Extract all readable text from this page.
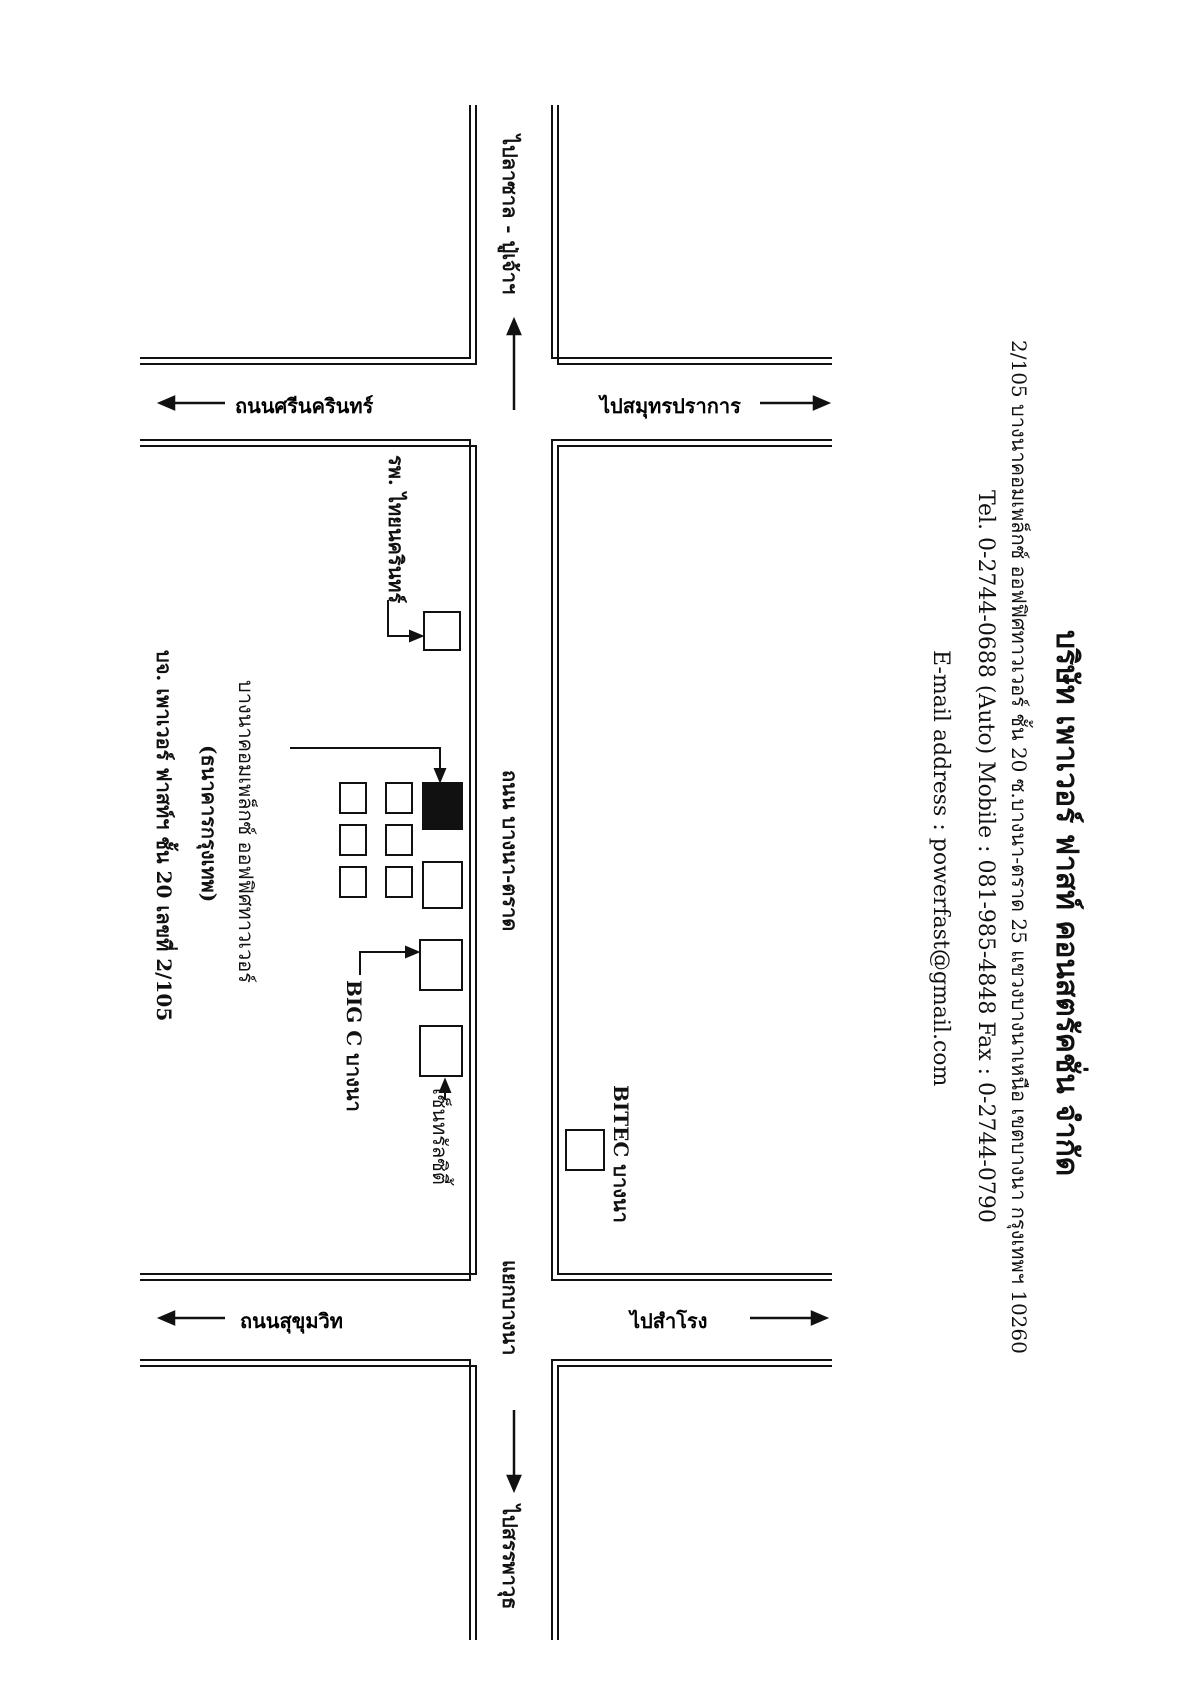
บริษัท เพาเวอร์ ฟาสท์ คอนสตรัคชั่น จำกัด
2/105 บางนาคอมเพล็กซ์ ออฟฟิศทาวเวอร์ ชั้น 20 ซ.บางนา-ตราด 25 แขวงบางนาเหนือ เขตบางนา กรุงเทพฯ 10260
Tel. 0-2744-0688 (Auto) Mobile : 081-985-4848 Fax : 0-2744-0790
E-mail address : powerfast@gmail.com
ถนนศรีนครินทร์	ไปสมุทรปราการ
ถนนสุขุมวิท	ไปสำโรง
ไปลาซาล - ปู่เจ้าฯ
ถนน บางนา-ตราด
แยกบางนา
ไปสรรพาวุธ
รพ. ไทยนครินทร์
บางนาคอมเพล็กซ์ ออฟฟิศทาวเวอร์
(ธนาคารกรุงเทพ)
บจ. เพาเวอร์ ฟาสท์ฯ ชั้น 20 เลขที่ 2/105
BIG C บางนา
เซ็นทรัลซิตี้	BITEC บางนา
